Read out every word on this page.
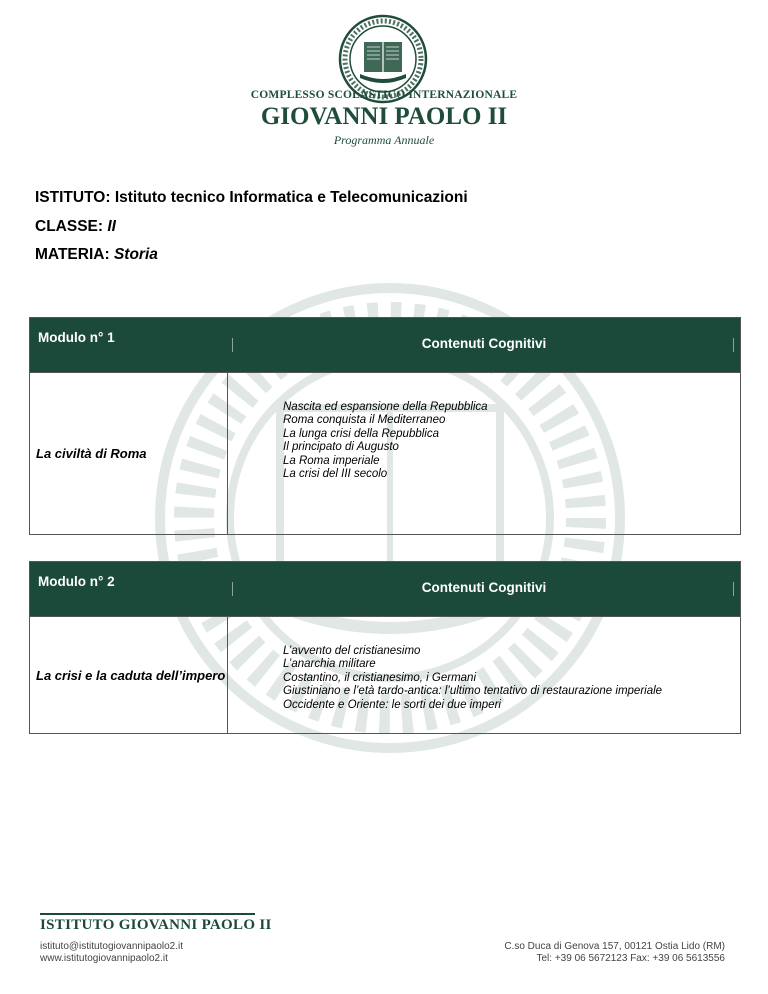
COMPLESSO SCOLASTICO INTERNAZIONALE
GIOVANNI PAOLO II
Programma Annuale
ISTITUTO: Istituto tecnico Informatica e Telecomunicazioni
CLASSE: II
MATERIA: Storia
Modulo n° 1	Contenuti Cognitivi
La civiltà di Roma
Nascita ed espansione della Repubblica
Roma conquista il Mediterraneo
La lunga crisi della Repubblica
Il principato di Augusto
La Roma imperiale
La crisi del III secolo
Modulo n° 2	Contenuti Cognitivi
La crisi e la caduta dell’impero
L’avvento del cristianesimo
L’anarchia militare
Costantino, il cristianesimo, i Germani
Giustiniano e l’età tardo-antica: l’ultimo tentativo di restaurazione imperiale
Occidente e Oriente: le sorti dei due imperi
ISTITUTO GIOVANNI PAOLO II
istituto@istitutogiovannipaolo2.it
www.istitutogiovannipaolo2.it
C.so Duca di Genova 157, 00121 Ostia Lido (RM)
Tel: +39 06 5672123 Fax: +39 06 5613556
